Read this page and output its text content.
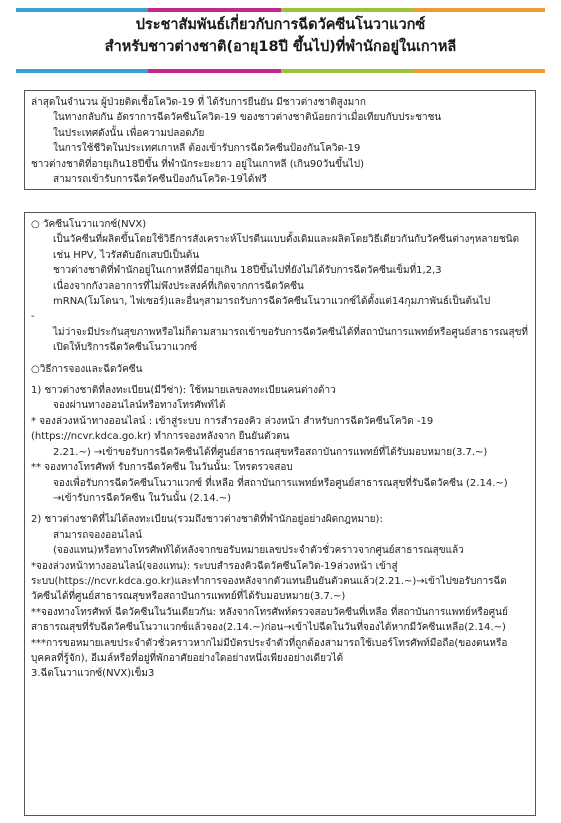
ประชาสัมพันธ์เกี่ยวกับการฉีดวัคซีนโนวาแวกซ์
สำหรับชาวต่างชาติ(อายุ18ปี ขึ้นไป)ที่พำนักอยู่ในเกาหลี

ล่าสุดในจำนวน ผู้ป่วยติดเชื้อโควิด-19 ที่ ได้รับการยืนยัน มีชาวต่างชาติสูงมาก

ในทางกลับกัน อัตราการฉีดวัคซีนโควิด-19 ของชาวต่างชาติน้อยกว่าเมื่อเทียบกับประชาชน

ในประเทศดังนั้น เพื่อความปลอดภัย

ในการใช้ชีวิตในประเทศเกาหลี ต้องเข้ารับการฉีดวัคซีนป้องกันโควิด-19

ชาวต่างชาติที่อายุเกิน18ปีขึ้น ที่พำนักระยะยาว อยู่ในเกาหลี (เกิน90วันขึ้นไป)

สามารถเข้ารับการฉีดวัคซีนป้องกันโควิด-19ได้ฟรี

○ วัคซีนโนวาแวกซ์(NVX)

เป็นวัคซีนที่ผลิตขึ้นโดยใช้วิธีการสังเคราะห์โปรตีนแบบดั้งเดิมและผลิตโดยวิธีเดียวกันกับวัคซีนต่างๆหลายชนิดเช่น HPV, ไวรัสตับอักเสบบีเป็นต้น

ชาวต่างชาติที่พำนักอยู่ในเกาหลีที่มีอายุเกิน 18ปีขึ้นไปที่ยังไม่ได้รับการฉีดวัคซีนเข็มที่1,2,3

เนื่องจากกังวลอาการที่ไม่พึงประสงค์ที่เกิดจากการฉีดวัคซีน

mRNA(โมโดนา, ไฟเซอร์)และอื่นๆสามารถรับการฉีดวัคซีนโนวาแวกซ์ได้ตั้งแต่14กุมภาพันธ์เป็นต้นไป

-

ไม่ว่าจะมีประกันสุขภาพหรือไม่ก็ตามสามารถเข้าขอรับการฉีดวัคซีนได้ที่สถาบันการแพทย์หรือศูนย์สาธารณสุขที่เปิดให้บริการฉีดวัคซีนโนวาแวกซ์

○วิธีการจองและฉีดวัคซีน

1) ชาวต่างชาติที่ลงทะเบียน(มีวีซ่า): ใช้หมายเลขลงทะเบียนคนต่างด้าว

จองผ่านทางออนไลน์หรือทางโทรศัพท์ได้

* จองล่วงหน้าทางออนไลน์ : เข้าสู่ระบบ การสำรองคิว ล่วงหน้า สำหรับการฉีดวัคซีนโควิด -19 (https://ncvr.kdca.go.kr) ทำการจองหลังจาก ยืนยันตัวตน

2.21.~) →เข้าขอรับการฉีดวัคซีนได้ที่ศูนย์สาธารณสุขหรือสถาบันการแพทย์ที่ได้รับมอบหมาย(3.7.~)

** จองทางโทรศัพท์ รับการฉีดวัคซีน ในวันนั้น: โทรตรวจสอบ

จองเพื่อรับการฉีดวัคซีนโนวาแวกซ์ ที่เหลือ ที่สถาบันการแพทย์หรือศูนย์สาธารณสุขที่รับฉีดวัคซีน (2.14.~) →เข้ารับการฉีดวัคซีน ในวันนั้น (2.14.~)

2) ชาวต่างชาติที่ไม่ได้ลงทะเบียน(รวมถึงชาวต่างชาติที่พำนักอยู่อย่างผิดกฎหมาย):

สามารถจองออนไลน์

(จองแทน)หรือทางโทรศัพท์ได้หลังจากขอรับหมายเลขประจำตัวชั่วคราวจากศูนย์สาธารณสุขแล้ว

*จองล่วงหน้าทางออนไลน์(จองแทน): ระบบสำรองคิวฉีดวัคซีนโควิด-19ล่วงหน้า เข้าสู่ระบบ(https://ncvr.kdca.go.kr)และทำการจองหลังจากตัวแทนยืนยันตัวตนแล้ว(2.21.~)→เข้าไปขอรับการฉีดวัคซีนได้ที่ศูนย์สาธารณสุขหรือสถาบันการแพทย์ที่ได้รับมอบหมาย(3.7.~)

**จองทางโทรศัพท์ ฉีดวัคซีนในวันเดียวกัน: หลังจากโทรศัพท์ตรวจสอบวัคซีนที่เหลือ ที่สถาบันการแพทย์หรือศูนย์สาธารณสุขที่รับฉีดวัคซีนโนวาแวกซ์แล้วจอง(2.14.~)ก่อน→เข้าไปฉีดในวันที่จองได้หากมีวัคซีนเหลือ(2.14.~)

***การขอหมายเลขประจำตัวชั่วคราวหากไม่มีบัตรประจำตัวที่ถูกต้องสามารถใช้เบอร์โทรศัพท์มือถือ(ของตนหรือบุคคลที่รู้จัก), อีเมล์หรือที่อยู่ที่พักอาศัยอย่างใดอย่างหนึ่งเพียงอย่างเดียวได้

3.ฉีดโนวาแวกซ์(NVX)เข็ม3
